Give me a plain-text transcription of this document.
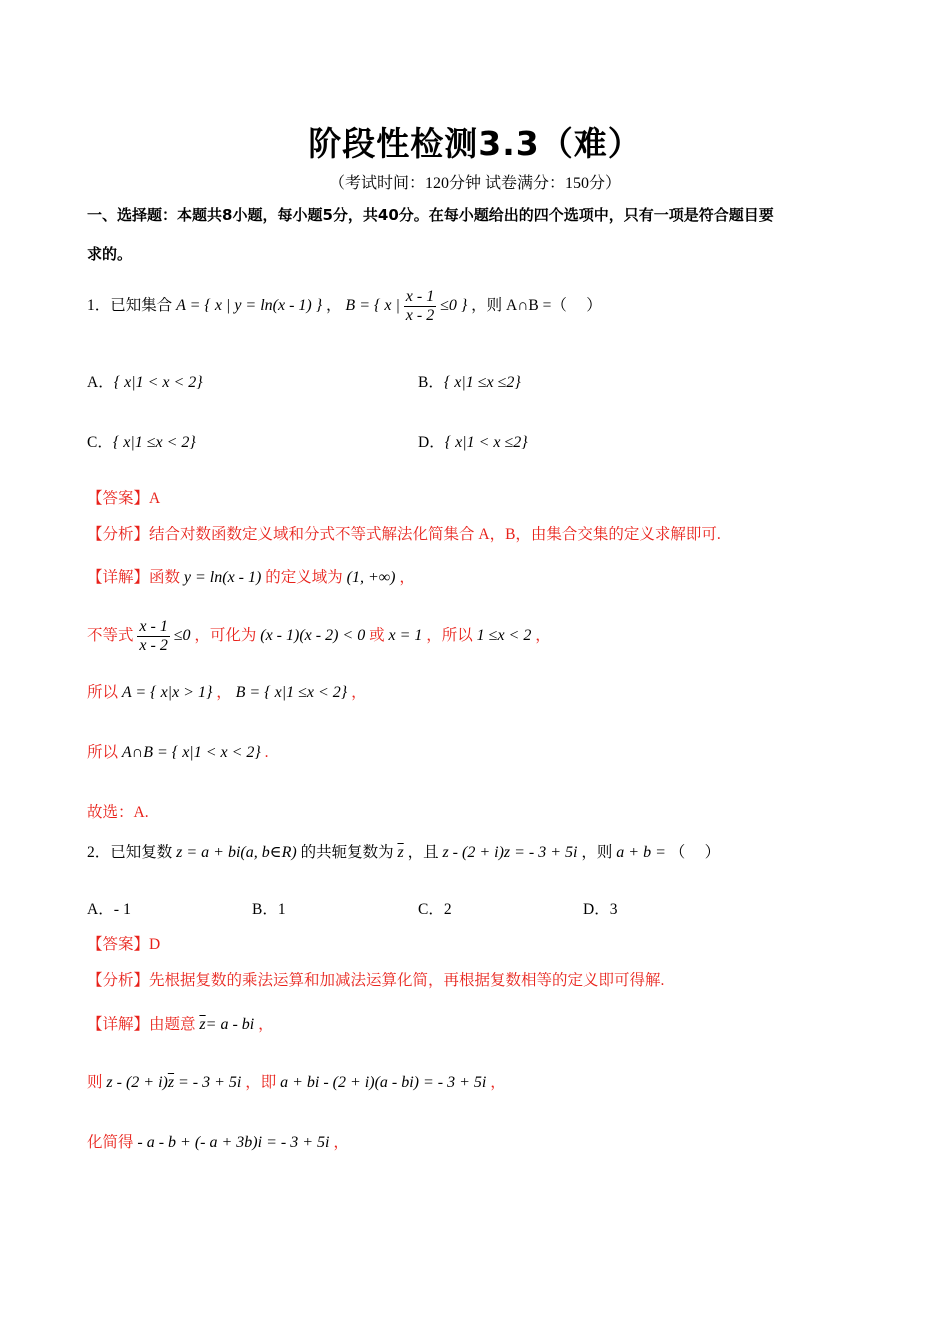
阶段性检测3.3（难）
（考试时间：120分钟 试卷满分：150分）
一、选择题：本题共8小题，每小题5分，共40分。在每小题给出的四个选项中，只有一项是符合题目要
求的。
1．已知集合 A = { x | y = ln(x - 1) } ， B = { x | $\frac{x - 1}{x - 2} \le 0$ } ，则 A∩B =（　 ）
A．{ x|1 < x < 2}	B．{ x|1 ≤x ≤2}
C．{ x|1 ≤x < 2}	D．{ x|1 < x ≤2}
【答案】A
【分析】结合对数函数定义域和分式不等式解法化简集合 A，B，由集合交集的定义求解即可.
【详解】函数 y = ln(x - 1) 的定义域为 (1, +∞) ，
不等式 $\frac{x - 1}{x - 2} \le 0$ ，可化为 (x - 1)(x - 2) < 0 或 x = 1 ，所以 1 ≤x < 2 ，
所以 A = { x|x > 1} ， B = { x|1 ≤x < 2} ，
所以 A∩B = { x|1 < x < 2} .
故选：A.
2．已知复数 z = a + bi(a, b∈R) 的共轭复数为 $\overline{z}$ ，且 z - (2 + i)z = - 3 + 5i ，则 a + b = （　 ）
A．- 1	B．1	C．2	D．3
【答案】D
【分析】先根据复数的乘法运算和加减法运算化简，再根据复数相等的定义即可得解.
【详解】由题意 $\overline{z}= a$ - bi ，
则 $z - (2 + i)\overline{z}$ = - 3 + 5i ，即 a + bi - (2 + i)(a - bi) = - 3 + 5i ，
化简得 - a - b + (- a + 3b)i = - 3 + 5i ，
